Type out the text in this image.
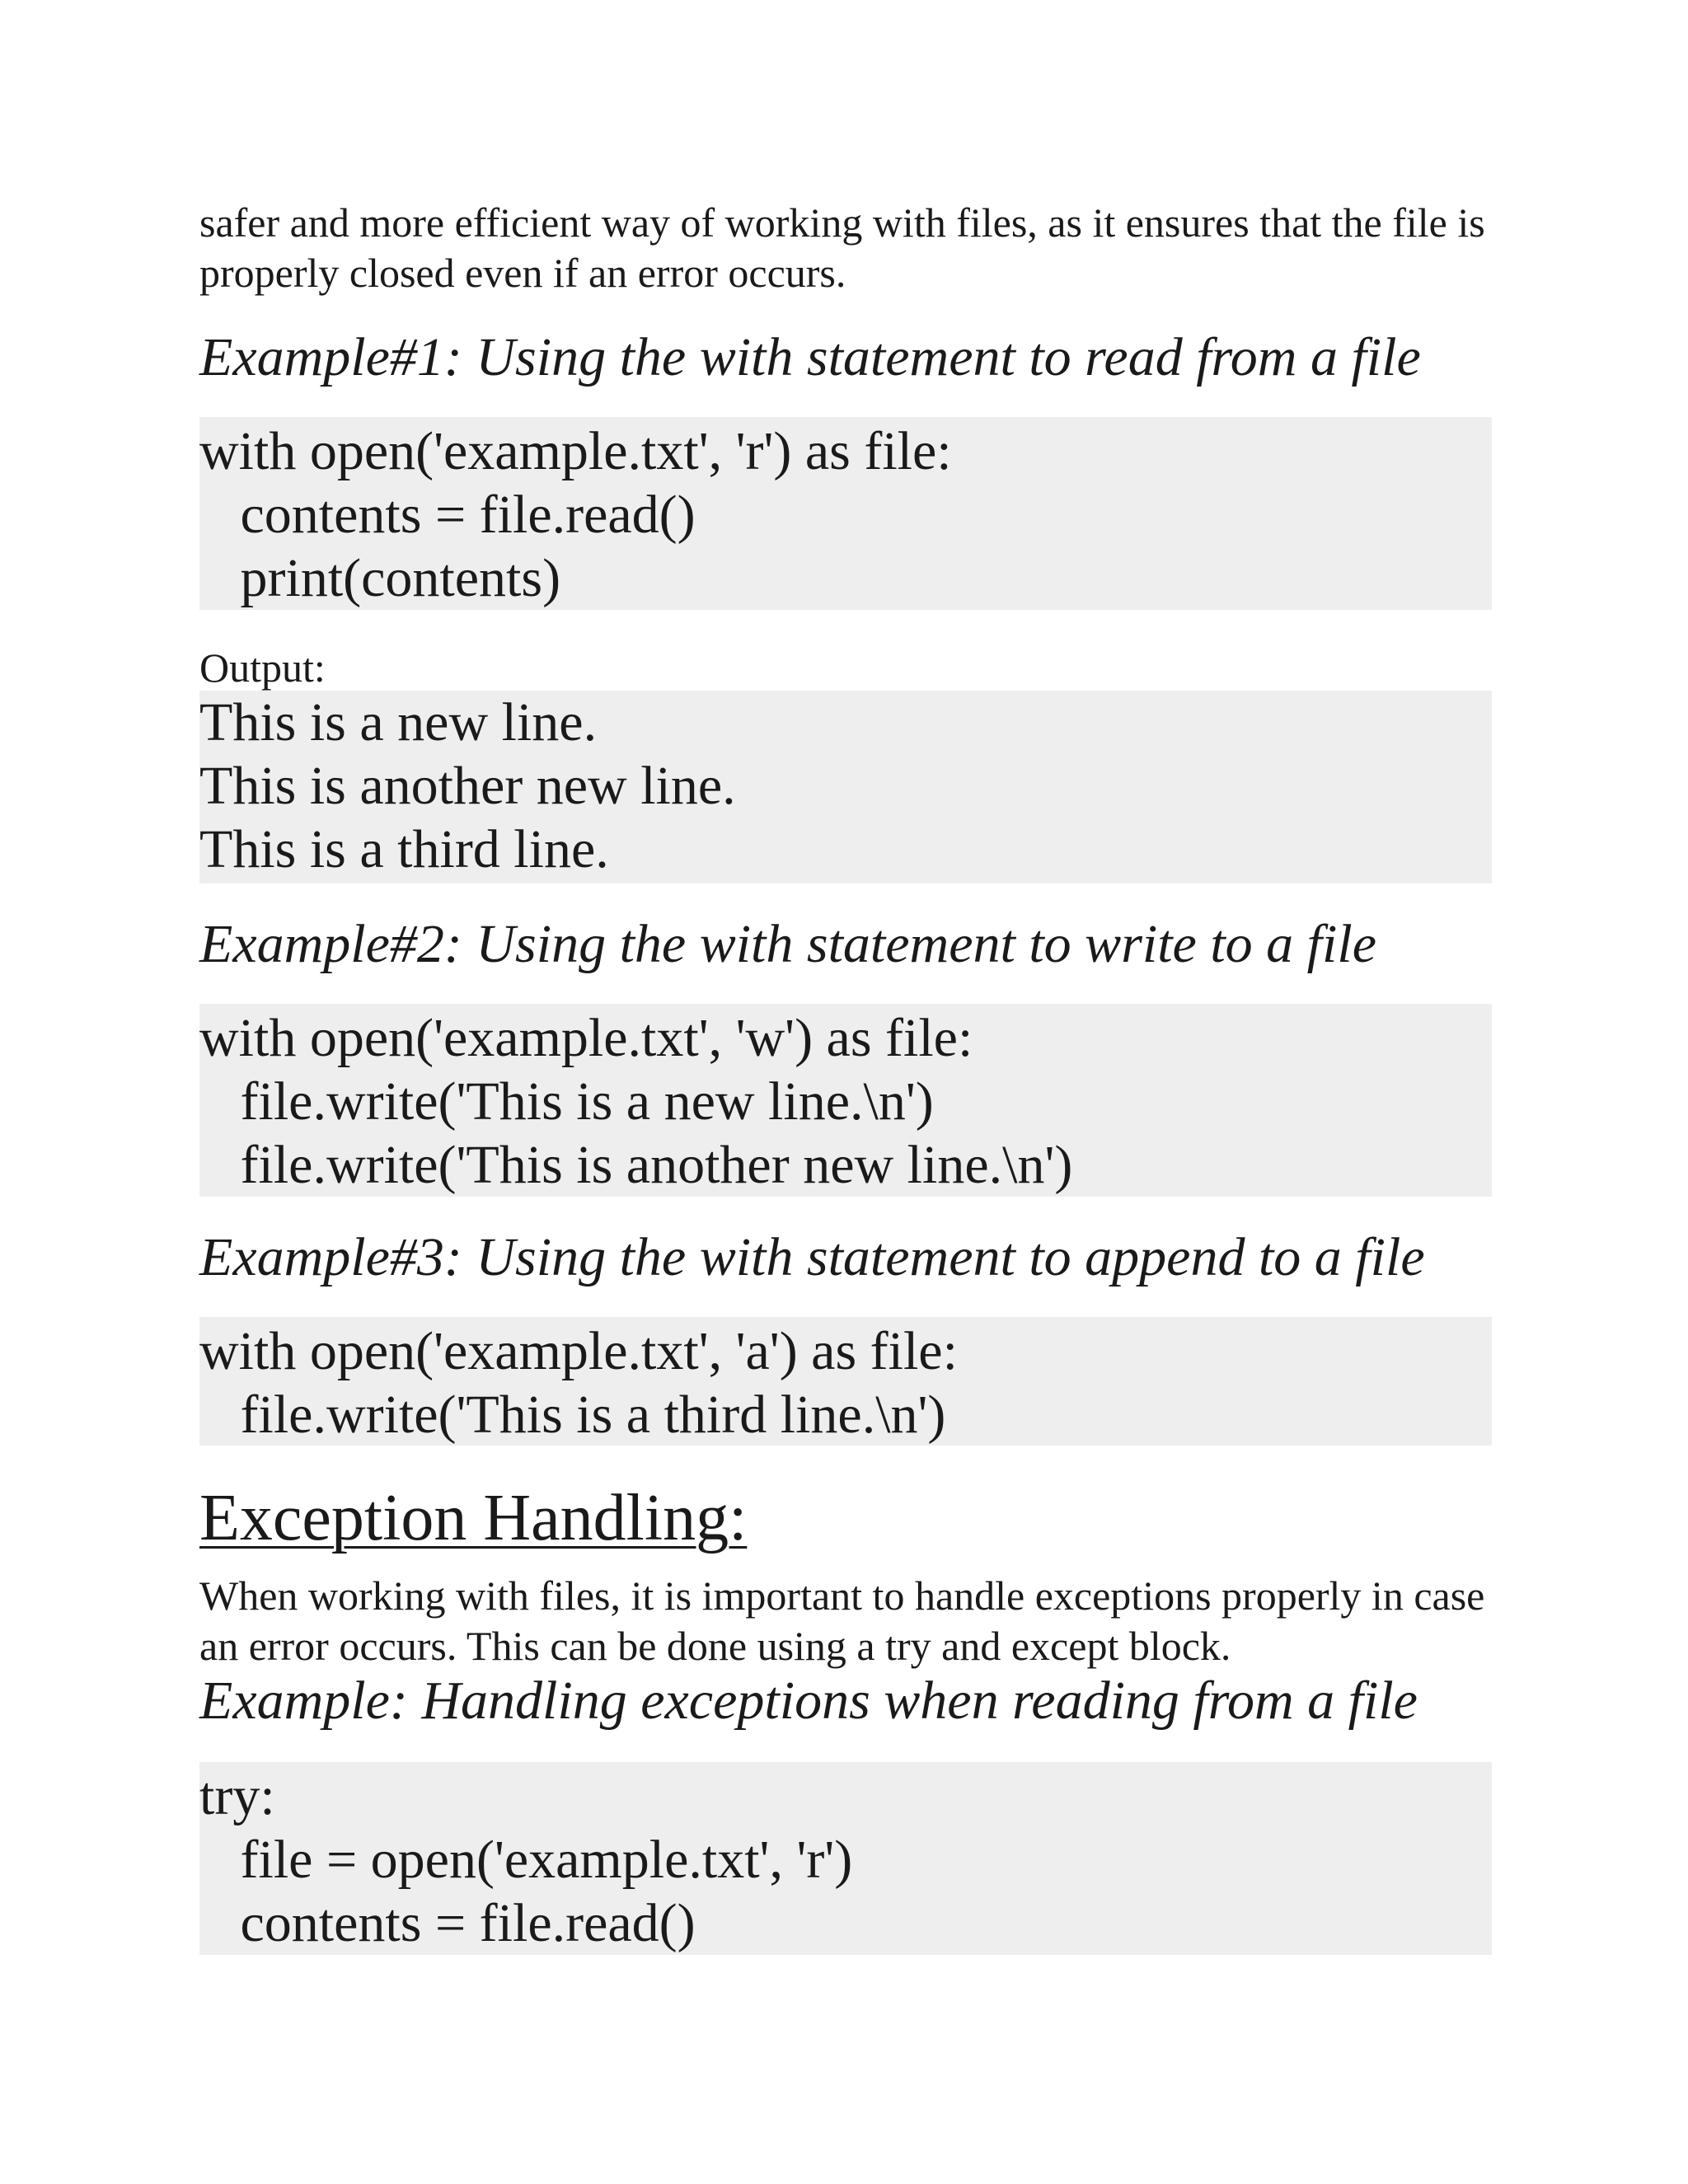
safer and more efficient way of working with files, as it ensures that the file is
properly closed even if an error occurs.
Example#1: Using the with statement to read from a file
with open('example.txt', 'r') as file:
contents = file.read()
print(contents)
Output:
This is a new line.
This is another new line.
This is a third line.
Example#2: Using the with statement to write to a file
with open('example.txt', 'w') as file:
file.write('This is a new line.\n')
file.write('This is another new line.\n')
Example#3: Using the with statement to append to a file
with open('example.txt', 'a') as file:
file.write('This is a third line.\n')
Exception Handling:
When working with files, it is important to handle exceptions properly in case
an error occurs. This can be done using a try and except block.
Example: Handling exceptions when reading from a file
try:
file = open('example.txt', 'r')
contents = file.read()
